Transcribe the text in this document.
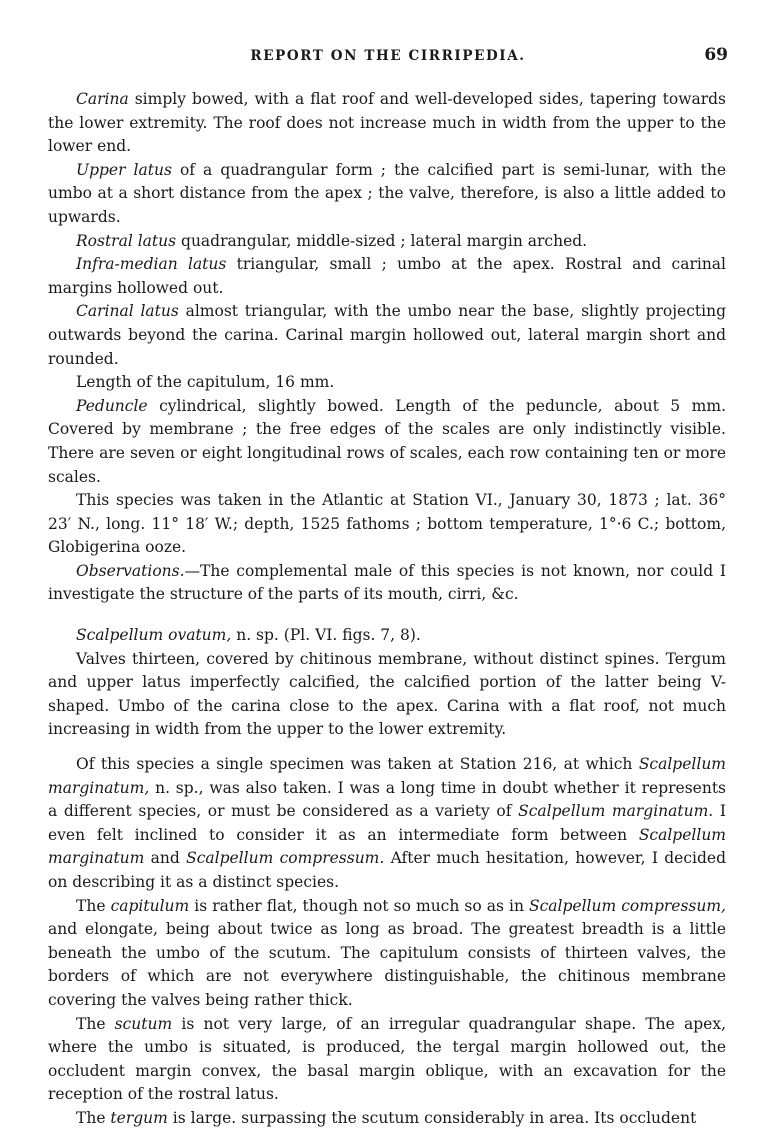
REPORT ON THE CIRRIPEDIA.	69

Carina simply bowed, with a flat roof and well-developed sides, tapering towards the lower extremity. The roof does not increase much in width from the upper to the lower end.

Upper latus of a quadrangular form ; the calcified part is semi-lunar, with the umbo at a short distance from the apex ; the valve, therefore, is also a little added to upwards.

Rostral latus quadrangular, middle-sized ; lateral margin arched.

Infra-median latus triangular, small ; umbo at the apex. Rostral and carinal margins hollowed out.

Carinal latus almost triangular, with the umbo near the base, slightly projecting outwards beyond the carina. Carinal margin hollowed out, lateral margin short and rounded.

Length of the capitulum, 16 mm.

Peduncle cylindrical, slightly bowed. Length of the peduncle, about 5 mm. Covered by membrane ; the free edges of the scales are only indistinctly visible. There are seven or eight longitudinal rows of scales, each row containing ten or more scales.

This species was taken in the Atlantic at Station VI., January 30, 1873 ; lat. 36° 23′ N., long. 11° 18′ W.; depth, 1525 fathoms ; bottom temperature, 1°·6 C.; bottom, Globigerina ooze.

Observations.—The complemental male of this species is not known, nor could I investigate the structure of the parts of its mouth, cirri, &c.

Scalpellum ovatum, n. sp. (Pl. VI. figs. 7, 8).

Valves thirteen, covered by chitinous membrane, without distinct spines. Tergum and upper latus imperfectly calcified, the calcified portion of the latter being V-shaped. Umbo of the carina close to the apex. Carina with a flat roof, not much increasing in width from the upper to the lower extremity.

Of this species a single specimen was taken at Station 216, at which Scalpellum marginatum, n. sp., was also taken. I was a long time in doubt whether it represents a different species, or must be considered as a variety of Scalpellum marginatum. I even felt inclined to consider it as an intermediate form between Scalpellum marginatum and Scalpellum compressum. After much hesitation, however, I decided on describing it as a distinct species.

The capitulum is rather flat, though not so much so as in Scalpellum compressum, and elongate, being about twice as long as broad. The greatest breadth is a little beneath the umbo of the scutum. The capitulum consists of thirteen valves, the borders of which are not everywhere distinguishable, the chitinous membrane covering the valves being rather thick.

The scutum is not very large, of an irregular quadrangular shape. The apex, where the umbo is situated, is produced, the tergal margin hollowed out, the occludent margin convex, the basal margin oblique, with an excavation for the reception of the rostral latus.

The tergum is large. surpassing the scutum considerably in area. Its occludent
